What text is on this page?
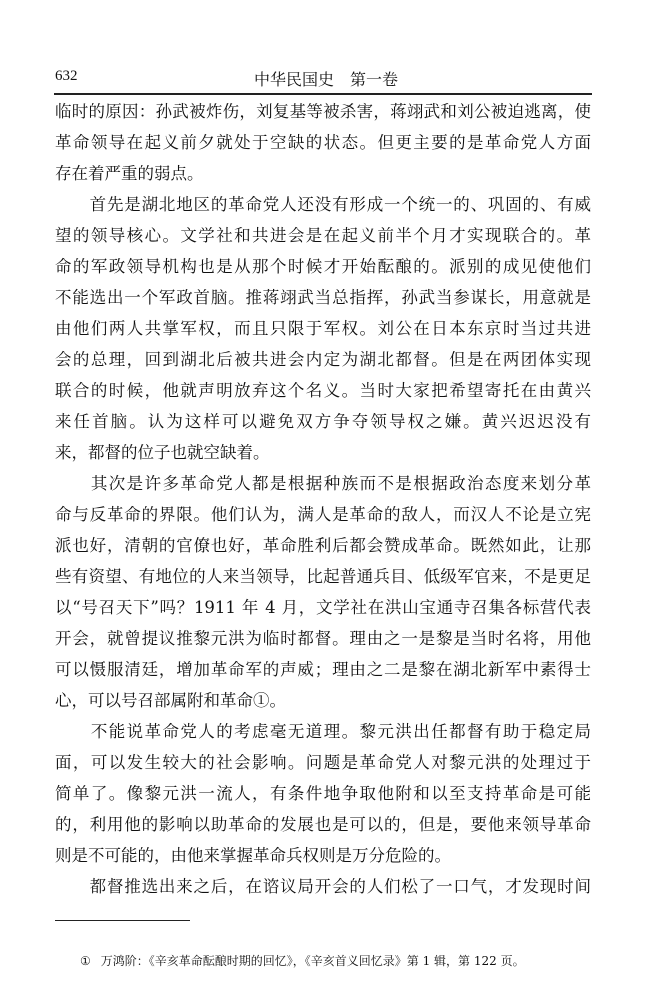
632	中华民国史　第一卷
临时的原因：孙武被炸伤，刘复基等被杀害，蒋翊武和刘公被迫逃离，使
革命领导在起义前夕就处于空缺的状态。但更主要的是革命党人方面
存在着严重的弱点。
　　首先是湖北地区的革命党人还没有形成一个统一的、巩固的、有威
望的领导核心。文学社和共进会是在起义前半个月才实现联合的。革
命的军政领导机构也是从那个时候才开始酝酿的。派别的成见使他们
不能选出一个军政首脑。推蒋翊武当总指挥，孙武当参谋长，用意就是
由他们两人共掌军权，而且只限于军权。刘公在日本东京时当过共进
会的总理，回到湖北后被共进会内定为湖北都督。但是在两团体实现
联合的时候，他就声明放弃这个名义。当时大家把希望寄托在由黄兴
来任首脑。认为这样可以避免双方争夺领导权之嫌。黄兴迟迟没有
来，都督的位子也就空缺着。
　　其次是许多革命党人都是根据种族而不是根据政治态度来划分革
命与反革命的界限。他们认为，满人是革命的敌人，而汉人不论是立宪
派也好，清朝的官僚也好，革命胜利后都会赞成革命。既然如此，让那
些有资望、有地位的人来当领导，比起普通兵目、低级军官来，不是更足
以“号召天下”吗？1911 年 4 月，文学社在洪山宝通寺召集各标营代表
开会，就曾提议推黎元洪为临时都督。理由之一是黎是当时名将，用他
可以慑服清廷，增加革命军的声威；理由之二是黎在湖北新军中素得士
心，可以号召部属附和革命①。
　　不能说革命党人的考虑毫无道理。黎元洪出任都督有助于稳定局
面，可以发生较大的社会影响。问题是革命党人对黎元洪的处理过于
简单了。像黎元洪一流人，有条件地争取他附和以至支持革命是可能
的，利用他的影响以助革命的发展也是可以的，但是，要他来领导革命
则是不可能的，由他来掌握革命兵权则是万分危险的。
　　都督推选出来之后，在谘议局开会的人们松了一口气，才发现时间
① 万鸿阶：《辛亥革命酝酿时期的回忆》，《辛亥首义回忆录》第 1 辑，第 122 页。
